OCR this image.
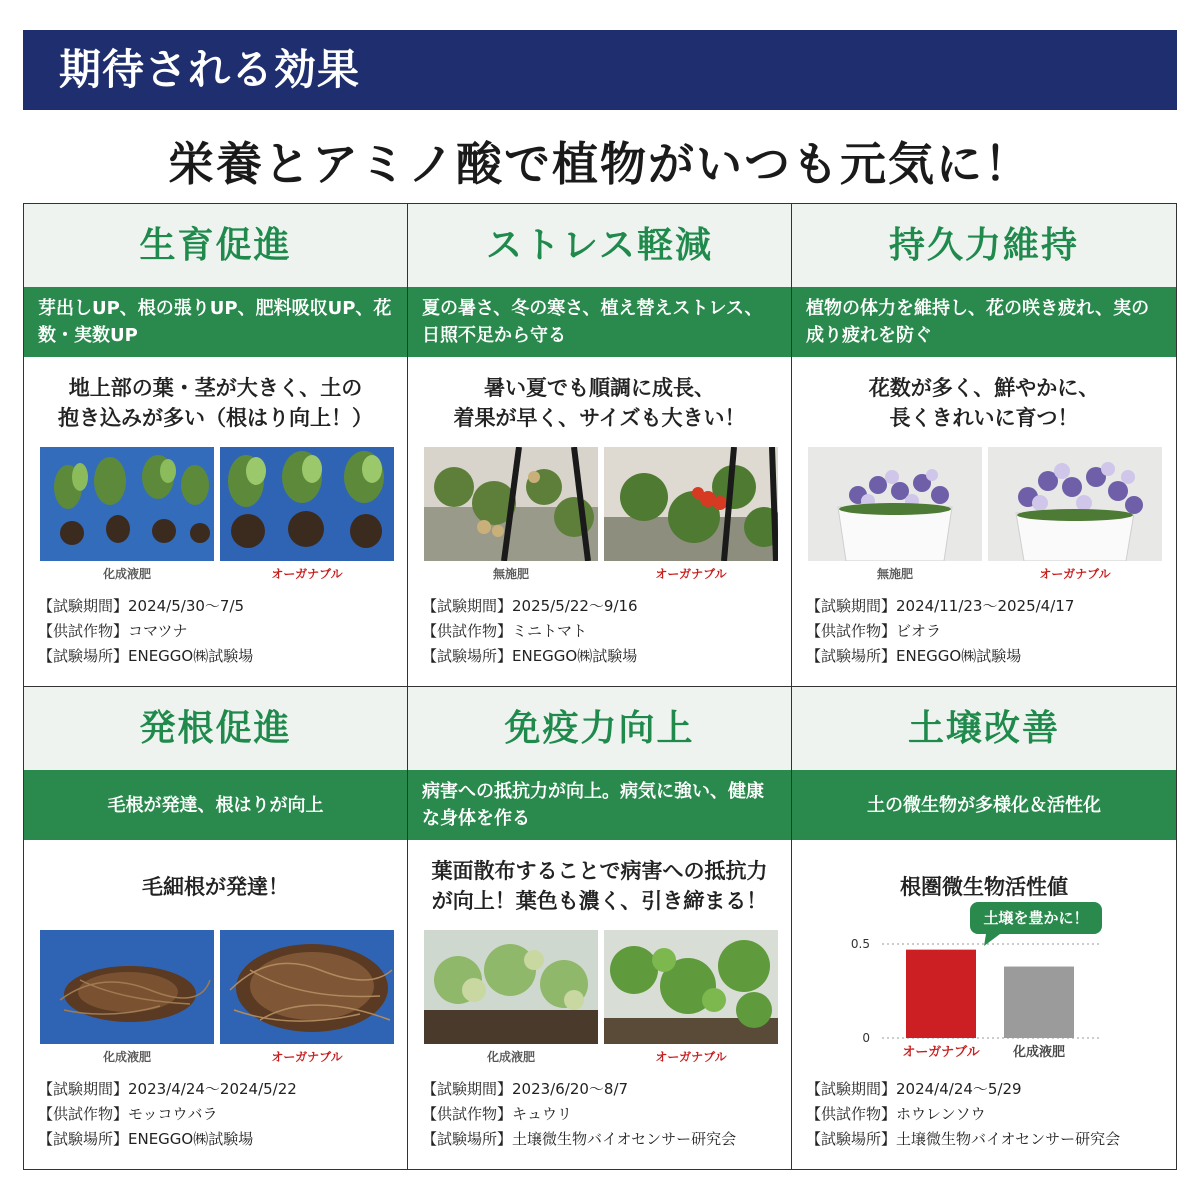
期待される効果
栄養とアミノ酸で植物がいつも元気に！
生育促進
芽出しUP、根の張りUP、肥料吸収UP、花数・実数UP
地上部の葉・茎が大きく、土の
抱き込みが多い（根はり向上！）
化成液肥	オーガナブル
【試験期間】2024/5/30〜7/5
【供試作物】コマツナ
【試験場所】ENEGGO㈱試験場
ストレス軽減
夏の暑さ、冬の寒さ、植え替えストレス、日照不足から守る
暑い夏でも順調に成長、
着果が早く、サイズも大きい！
無施肥	オーガナブル
【試験期間】2025/5/22〜9/16
【供試作物】ミニトマト
【試験場所】ENEGGO㈱試験場
持久力維持
植物の体力を維持し、花の咲き疲れ、実の成り疲れを防ぐ
花数が多く、鮮やかに、
長くきれいに育つ！
無施肥	オーガナブル
【試験期間】2024/11/23〜2025/4/17
【供試作物】ビオラ
【試験場所】ENEGGO㈱試験場
発根促進
毛根が発達、根はりが向上
毛細根が発達！
化成液肥	オーガナブル
【試験期間】2023/4/24〜2024/5/22
【供試作物】モッコウバラ
【試験場所】ENEGGO㈱試験場
免疫力向上
病害への抵抗力が向上。病気に強い、健康な身体を作る
葉面散布することで病害への抵抗力
が向上！葉色も濃く、引き締まる！
化成液肥	オーガナブル
【試験期間】2023/6/20〜8/7
【供試作物】キュウリ
【試験場所】土壌微生物バイオセンサー研究会
土壌改善
土の微生物が多様化＆活性化
根圏微生物活性値
0
0.5
オーガナブル	化成液肥
土壌を豊かに！
【試験期間】2024/4/24〜5/29
【供試作物】ホウレンソウ
【試験場所】土壌微生物バイオセンサー研究会
